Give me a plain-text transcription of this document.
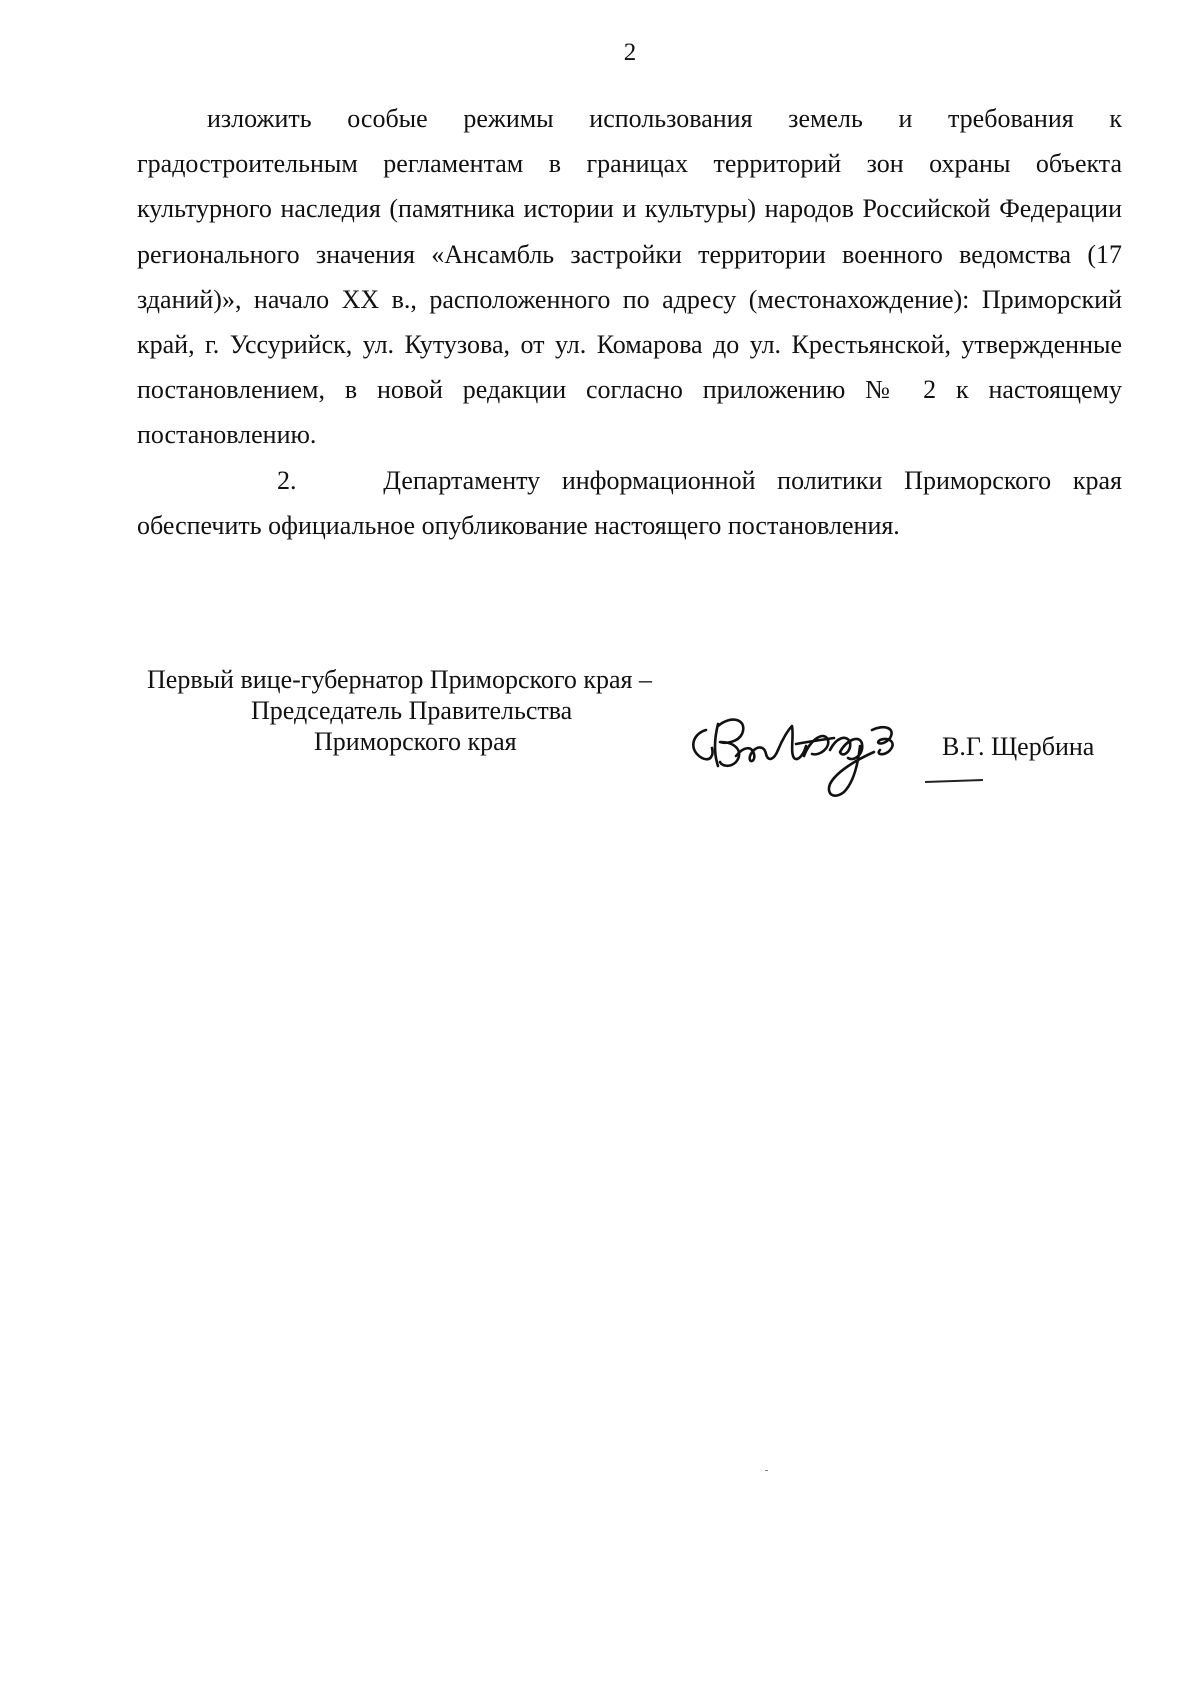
2

изложить особые режимы использования земель и требования к градостроительным регламентам в границах территорий зон охраны объекта культурного наследия (памятника истории и культуры) народов Российской Федерации регионального значения «Ансамбль застройки территории военного ведомства (17 зданий)», начало XX в., расположенного по адресу (местонахождение): Приморский край, г. Уссурийск, ул. Кутузова, от ул. Комарова до ул. Крестьянской, утвержденные постановлением, в новой редакции согласно приложению № 2 к настоящему постановлению.

2.	Департаменту информационной политики Приморского края обеспечить официальное опубликование настоящего постановления.

Первый вице-губернатор Приморского края –
Председатель Правительства
Приморского края	В.Г. Щербина
